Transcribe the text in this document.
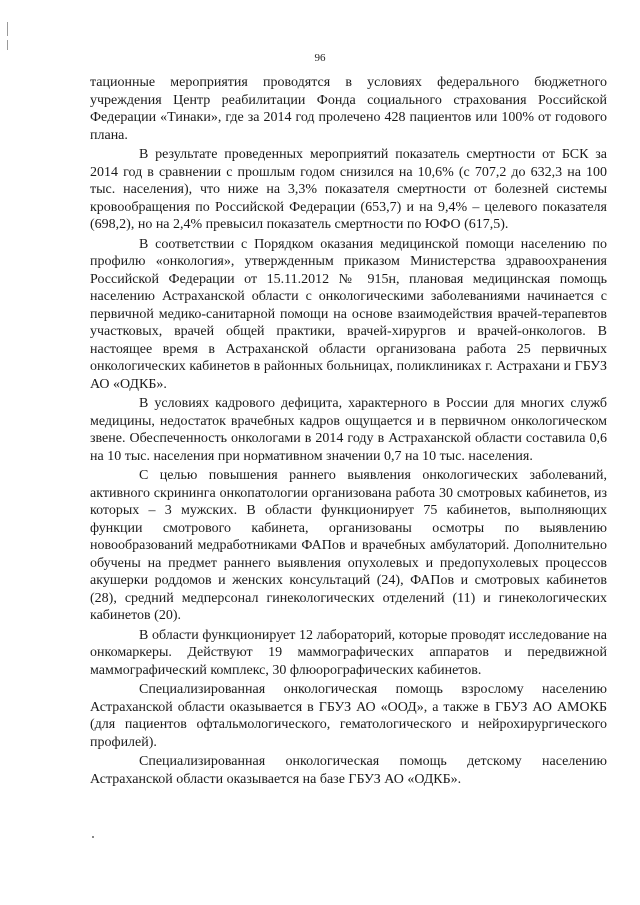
96

тационные мероприятия проводятся в условиях федерального бюджетного учреждения Центр реабилитации Фонда социального страхования Российской Федерации «Тинаки», где за 2014 год пролечено 428 пациентов или 100% от годового плана.

В результате проведенных мероприятий показатель смертности от БСК за 2014 год в сравнении с прошлым годом снизился на 10,6% (с 707,2 до 632,3 на 100 тыс. населения), что ниже на 3,3% показателя смертности от болезней системы кровообращения по Российской Федерации (653,7) и на 9,4% – целевого показателя (698,2), но на 2,4% превысил показатель смертности по ЮФО (617,5).

В соответствии с Порядком оказания медицинской помощи населению по профилю «онкология», утвержденным приказом Министерства здравоохранения Российской Федерации от 15.11.2012 № 915н, плановая медицинская помощь населению Астраханской области с онкологическими заболеваниями начинается с первичной медико-санитарной помощи на основе взаимодействия врачей-терапевтов участковых, врачей общей практики, врачей-хирургов и врачей-онкологов. В настоящее время в Астраханской области организована работа 25 первичных онкологических кабинетов в районных больницах, поликлиниках г. Астрахани и ГБУЗ АО «ОДКБ».

В условиях кадрового дефицита, характерного в России для многих служб медицины, недостаток врачебных кадров ощущается и в первичном онкологическом звене. Обеспеченность онкологами в 2014 году в Астраханской области составила 0,6 на 10 тыс. населения при нормативном значении 0,7 на 10 тыс. населения.

С целью повышения раннего выявления онкологических заболеваний, активного скрининга онкопатологии организована работа 30 смотровых кабинетов, из которых – 3 мужских. В области функционирует 75 кабинетов, выполняющих функции смотрового кабинета, организованы осмотры по выявлению новообразований медработниками ФАПов и врачебных амбулаторий. Дополнительно обучены на предмет раннего выявления опухолевых и предопухолевых процессов акушерки роддомов и женских консультаций (24), ФАПов и смотровых кабинетов (28), средний медперсонал гинекологических отделений (11) и гинекологических кабинетов (20).

В области функционирует 12 лабораторий, которые проводят исследование на онкомаркеры. Действуют 19 маммографических аппаратов и передвижной маммографический комплекс, 30 флюорографических кабинетов.

Специализированная онкологическая помощь взрослому населению Астраханской области оказывается в ГБУЗ АО «ООД», а также в ГБУЗ АО АМОКБ (для пациентов офтальмологического, гематологического и нейрохирургического профилей).

Специализированная онкологическая помощь детскому населению Астраханской области оказывается на базе ГБУЗ АО «ОДКБ».
